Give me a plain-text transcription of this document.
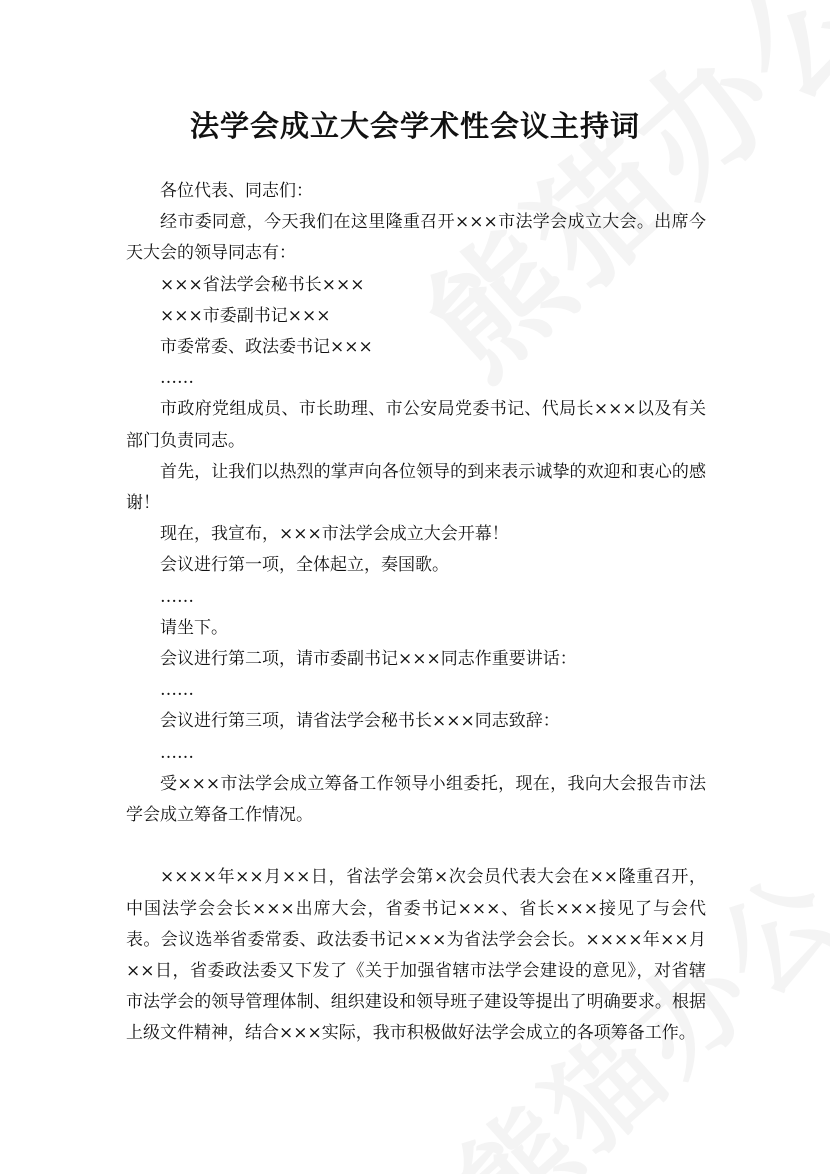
法学会成立大会学术性会议主持词

各位代表、同志们：

经市委同意，今天我们在这里隆重召开×××市法学会成立大会。出席今天大会的领导同志有：

×××省法学会秘书长×××

×××市委副书记×××

市委常委、政法委书记×××

……

市政府党组成员、市长助理、市公安局党委书记、代局长×××以及有关部门负责同志。

首先，让我们以热烈的掌声向各位领导的到来表示诚挚的欢迎和衷心的感谢！

现在，我宣布，×××市法学会成立大会开幕！

会议进行第一项，全体起立，奏国歌。

……

请坐下。

会议进行第二项，请市委副书记×××同志作重要讲话：

……

会议进行第三项，请省法学会秘书长×××同志致辞：

……

受×××市法学会成立筹备工作领导小组委托，现在，我向大会报告市法学会成立筹备工作情况。

××××年××月××日，省法学会第×次会员代表大会在××隆重召开，中国法学会会长×××出席大会，省委书记×××、省长×××接见了与会代表。会议选举省委常委、政法委书记×××为省法学会会长。××××年××月××日，省委政法委又下发了《关于加强省辖市法学会建设的意见》，对省辖市法学会的领导管理体制、组织建设和领导班子建设等提出了明确要求。根据上级文件精神，结合×××实际，我市积极做好法学会成立的各项筹备工作。
